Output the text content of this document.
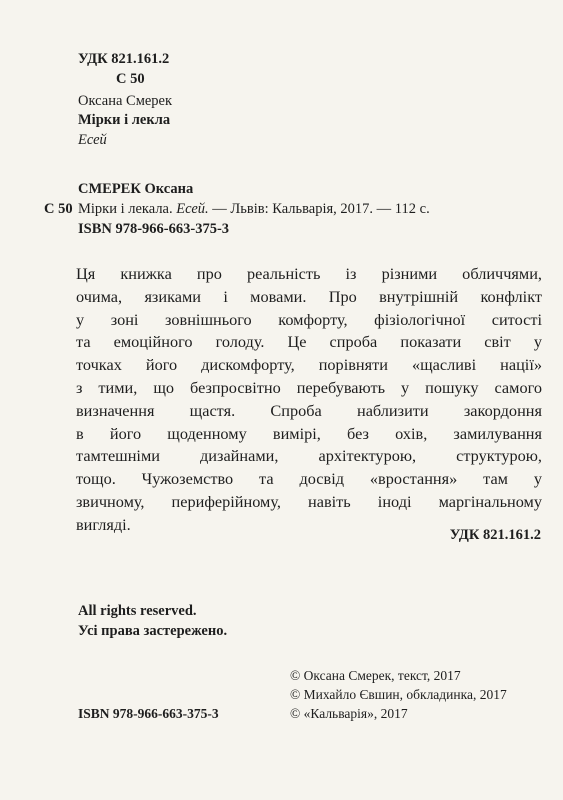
УДК 821.161.2
С 50
Оксана Смерек
Мірки і лекла
Есей
СМЕРЕК Оксана
С 50 Мірки і лекала. Есей. — Львів: Кальварія, 2017. — 112 с.
ISBN 978-966-663-375-3
Ця книжка про реальність із різними обличчями,
очима, язиками і мовами. Про внутрішній конфлікт
у зоні зовнішнього комфорту, фізіологічної ситості
та емоційного голоду. Це спроба показати світ у
точках його дискомфорту, порівняти «щасливі нації»
з тими, що безпросвітно перебувають у пошуку самого
визначення щастя. Спроба наблизити закордоння
в його щоденному вимірі, без охів, замилування
тамтешніми дизайнами, архітектурою, структурою,
тощо. Чужоземство та досвід «вростання» там у
звичному, периферійному, навіть іноді маргінальному
вигляді.
УДК 821.161.2
All rights reserved.
Усі права застережено.
© Оксана Смерек, текст, 2017
© Михайло Євшин, обкладинка, 2017
© «Кальварія», 2017
ISBN 978-966-663-375-3
